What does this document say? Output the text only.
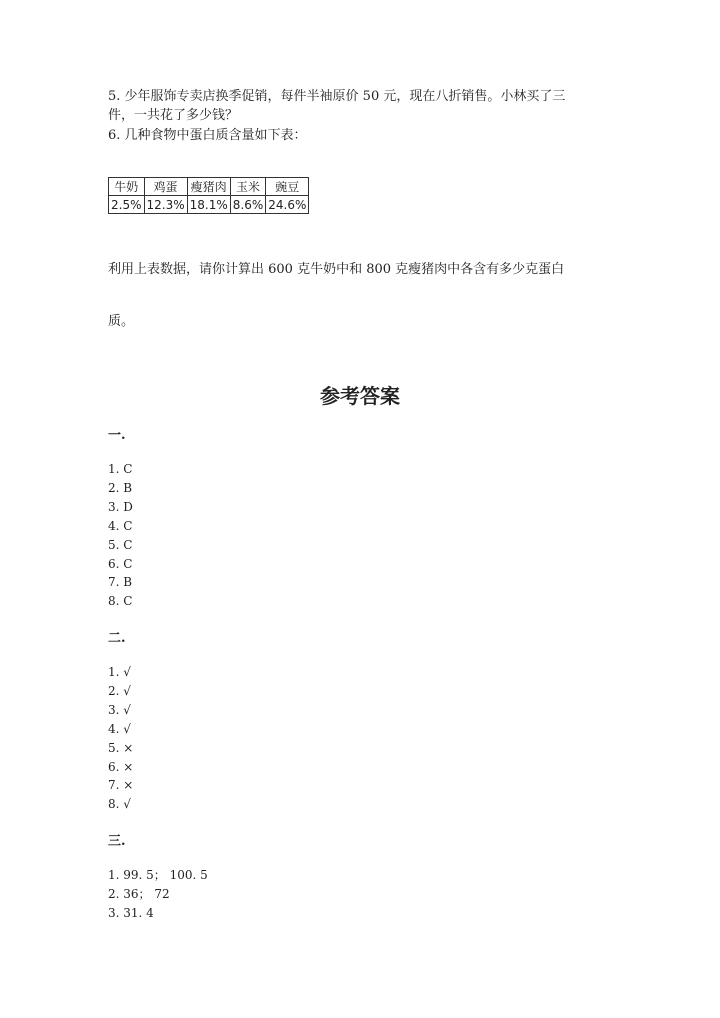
5. 少年服饰专卖店换季促销，每件半袖原价 50 元，现在八折销售。小林买了三
件，一共花了多少钱？
6. 几种食物中蛋白质含量如下表：
牛奶	鸡蛋	瘦猪肉	玉米	豌豆
2.5%	12.3%	18.1%	8.6%	24.6%
利用上表数据，请你计算出 600 克牛奶中和 800 克瘦猪肉中各含有多少克蛋白
质。
参考答案
一.
1. C
2. B
3. D
4. C
5. C
6. C
7. B
8. C
二.
1. √
2. √
3. √
4. √
5. ×
6. ×
7. ×
8. √
三.
1. 99. 5； 100. 5
2. 36； 72
3. 31. 4
